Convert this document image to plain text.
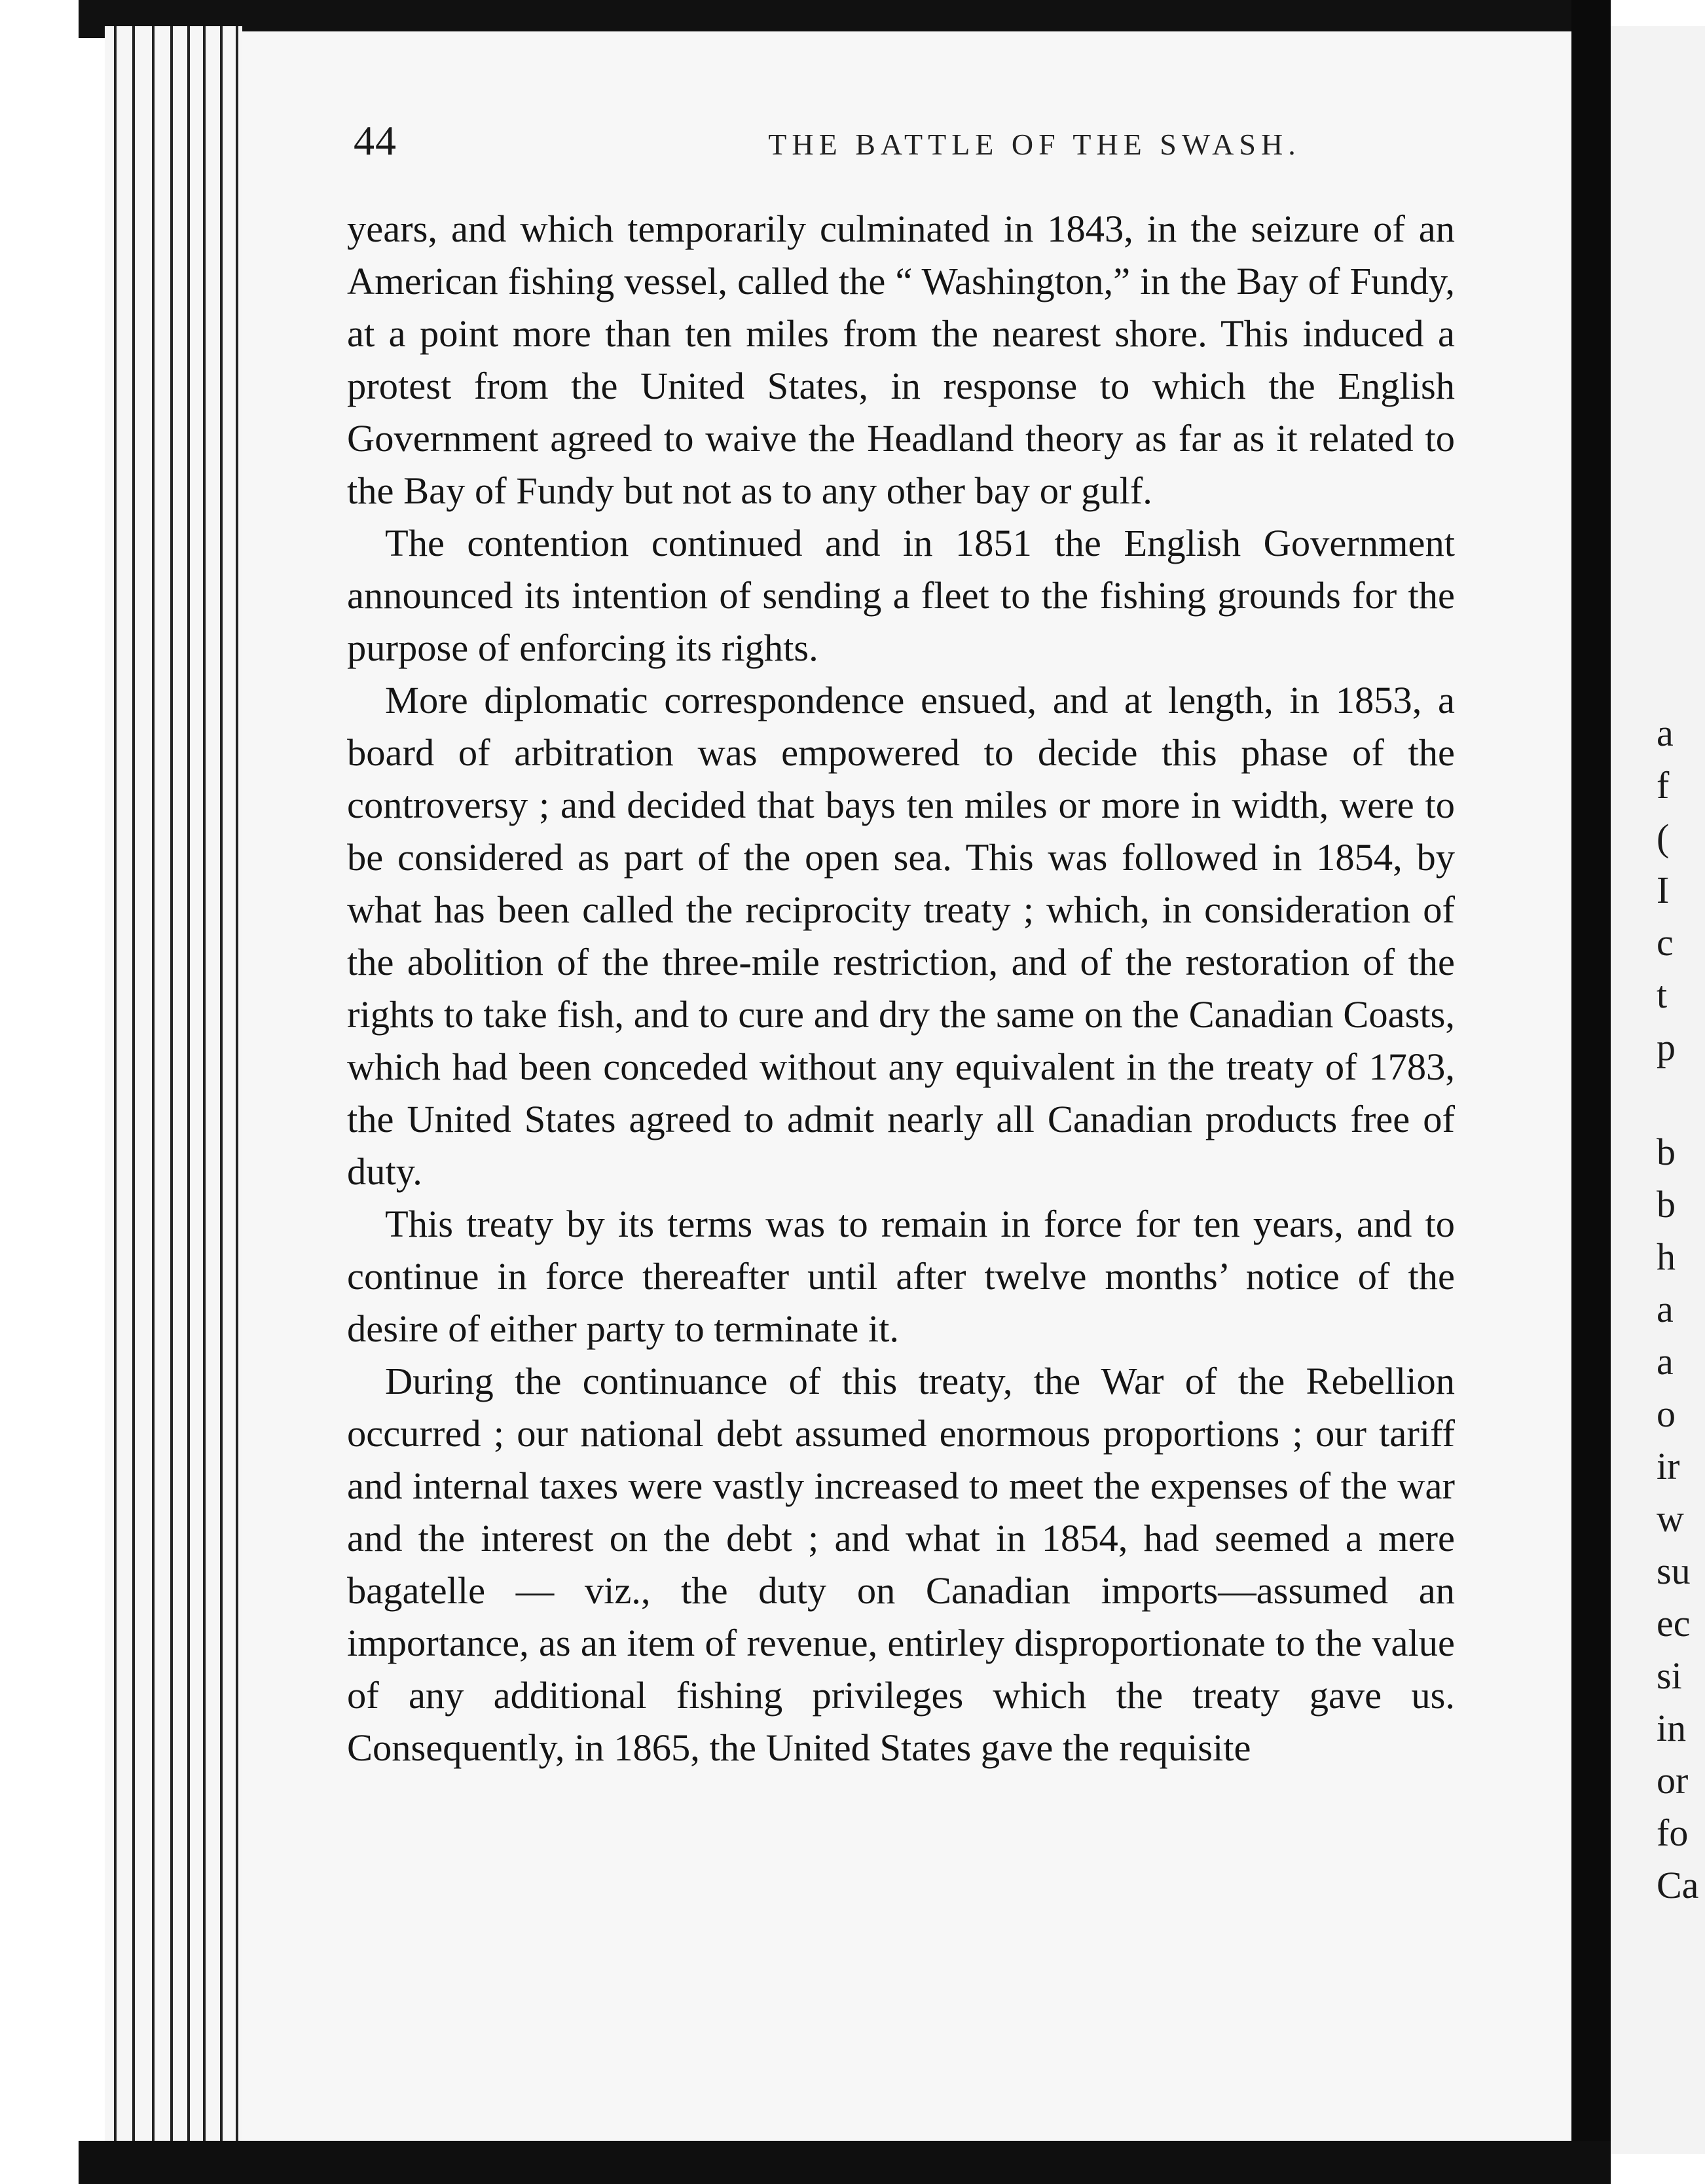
44	THE BATTLE OF THE SWASH.

years, and which temporarily culminated in 1843, in the seizure of an American fishing vessel, called the “ Washington,” in the Bay of Fundy, at a point more than ten miles from the nearest shore. This induced a protest from the United States, in response to which the English Government agreed to waive the Headland theory as far as it related to the Bay of Fundy but not as to any other bay or gulf.

The contention continued and in 1851 the English Government announced its intention of sending a fleet to the fishing grounds for the purpose of enforcing its rights.

More diplomatic correspondence ensued, and at length, in 1853, a board of arbitration was empowered to decide this phase of the controversy ; and decided that bays ten miles or more in width, were to be considered as part of the open sea. This was followed in 1854, by what has been called the reciprocity treaty ; which, in consideration of the abolition of the three-mile restriction, and of the restoration of the rights to take fish, and to cure and dry the same on the Canadian Coasts, which had been conceded without any equivalent in the treaty of 1783, the United States agreed to admit nearly all Canadian products free of duty.

This treaty by its terms was to remain in force for ten years, and to continue in force thereafter until after twelve months’ notice of the desire of either party to terminate it.

During the continuance of this treaty, the War of the Rebellion occurred ; our national debt assumed enormous proportions ; our tariff and internal taxes were vastly increased to meet the expenses of the war and the interest on the debt ; and what in 1854, had seemed a mere bagatelle — viz., the duty on Canadian imports—assumed an importance, as an item of revenue, entirley disproportionate to the value of any additional fishing privileges which the treaty gave us. Consequently, in 1865, the United States gave the requisite

a
f
(
I
c
t
p

b
b
h
a
a
o
ir
w
su
ec
si
in
or
fo
Ca
